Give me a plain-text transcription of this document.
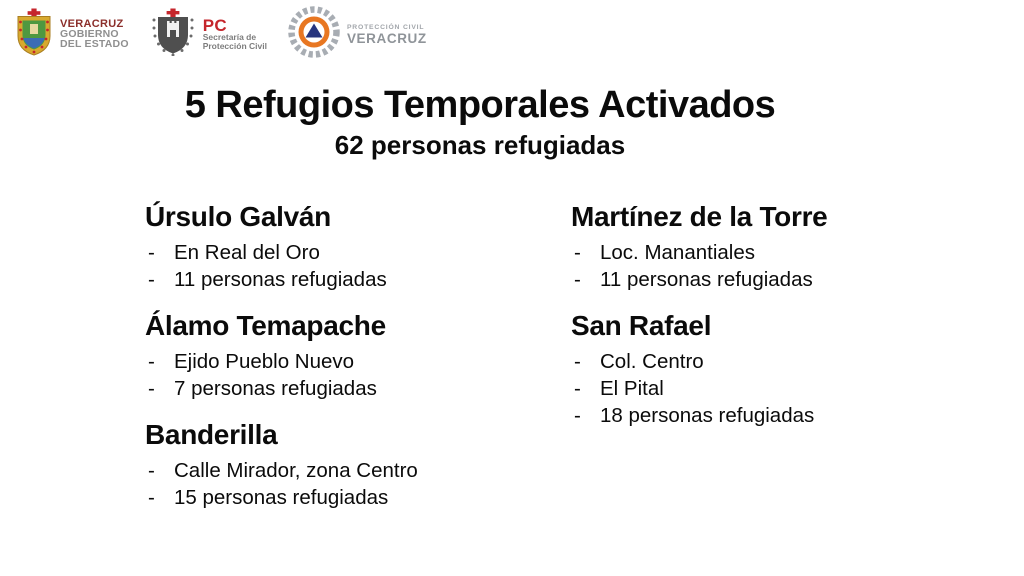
VERACRUZ
GOBIERNO
DEL ESTADO
PC
Secretaría de
Protección Civil
PROTECCIÓN CIVIL
VERACRUZ
5 Refugios Temporales Activados
62 personas refugiadas
Úrsulo Galván
- En Real del Oro
- 11 personas refugiadas
Álamo Temapache
- Ejido Pueblo Nuevo
- 7 personas refugiadas
Banderilla
- Calle Mirador, zona Centro
- 15 personas refugiadas
Martínez de la Torre
- Loc. Manantiales
- 11 personas refugiadas
San Rafael
- Col. Centro
- El Pital
- 18 personas refugiadas
